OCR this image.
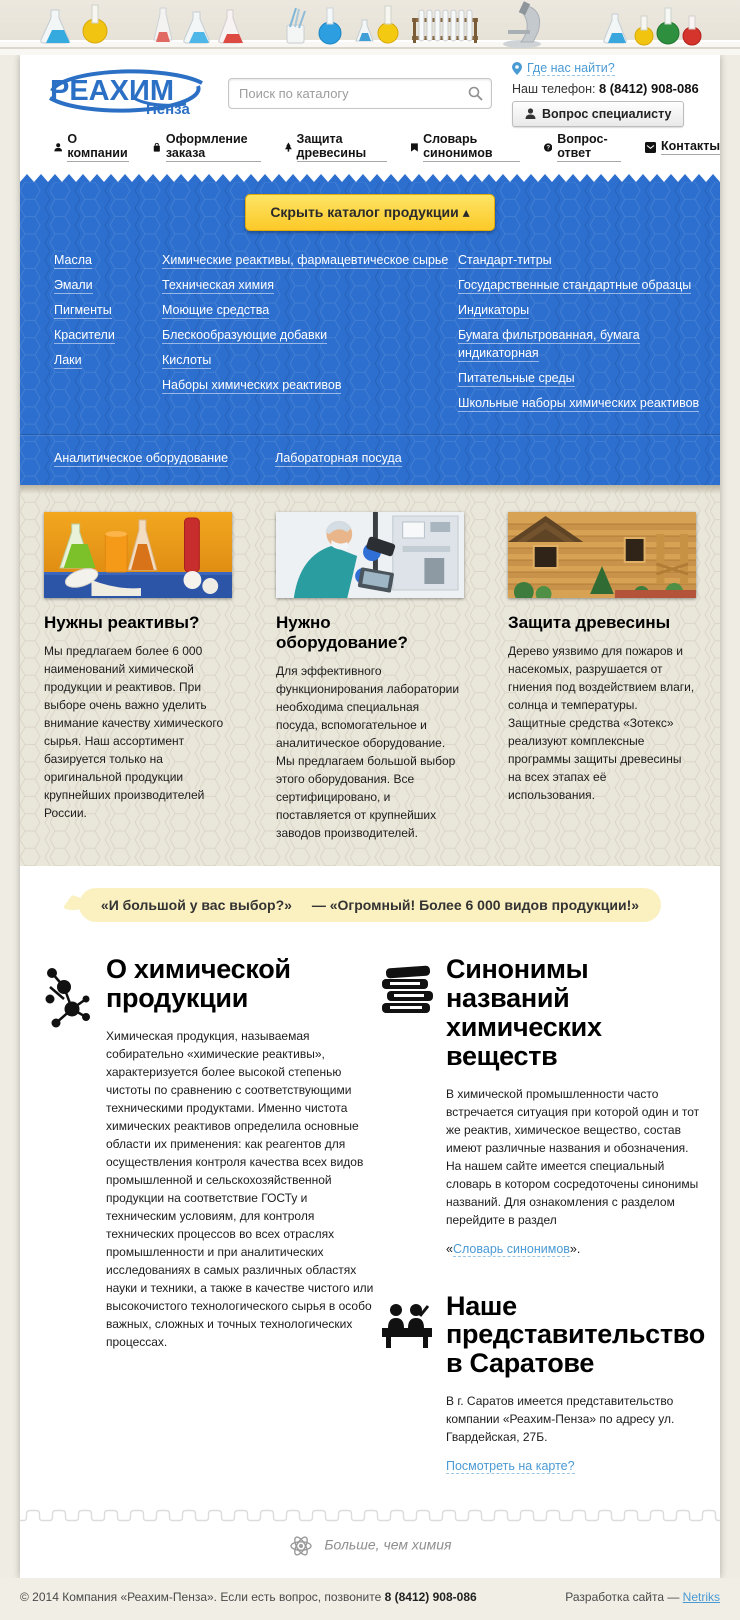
РЕАХИМ
Пенза
Поиск по каталогу
Где нас найти?
Наш телефон: 8 (8412) 908-086
Вопрос специалисту
О компании
Оформление заказа
Защита древесины
Словарь синонимов	?
Вопрос-ответ	Контакты
Скрыть каталог продукции ▴
Масла
Эмали
Пигменты
Красители
Лаки
Химические реактивы, фармацевтическое сырье
Техническая химия
Моющие средства
Блескообразующие добавки
Кислоты
Наборы химических реактивов
Стандарт-титры
Государственные стандартные образцы
Индикаторы
Бумага фильтрованная, бумага индикаторная
Питательные среды
Школьные наборы химических реактивов
Аналитическое оборудование	Лабораторная посуда
Нужны реактивы?

Мы предлагаем более 6 000 наименований химической продукции и реактивов. При выборе очень важно уделить внимание качеству химического сырья. Наш ассортимент базируется только на оригинальной продукции крупнейших производителей России.

Нужно оборудование?

Для эффективного функционирования лаборатории необходима специальная посуда, вспомогательное и аналитическое оборудование. Мы предлагаем большой выбор этого оборудования. Все сертифицировано, и поставляется от крупнейших заводов производителей.

Защита древесины

Дерево уязвимо для пожаров и насекомых, разрушается от гниения под воздействием влаги, солнца и температуры. Защитные средства «Зотекс» реализуют комплексные программы защиты древесины на всех этапах её использования.

«И большой у вас выбор?» — «Огромный! Более 6 000 видов продукции!»
О химической продукции

Химическая продукция, называемая собирательно «химические реактивы», характеризуется более высокой степенью чистоты по сравнению с соответствующими техническими продуктами. Именно чистота химических реактивов определила основные области их применения: как реагентов для осуществления контроля качества всех видов промышленной и сельскохозяйственной продукции на соответствие ГОСТу и техническим условиям, для контроля технических процессов во всех отраслях промышленности и при аналитических исследованиях в самых различных областях науки и техники, а также в качестве чистого или высокочистого технологического сырья в особо важных, сложных и точных технологических процессах.

Синонимы названий химических веществ

В химической промышленности часто встречается ситуация при которой один и тот же реактив, химическое вещество, состав имеют различные названия и обозначения. На нашем сайте имеется специальный словарь в котором сосредоточены синонимы названий. Для ознакомления с разделом перейдите в раздел

«Словарь синонимов».
Наше представительство в Саратове

В г. Саратов имеется представительство компании «Реахим-Пенза» по адресу ул. Гвардейская, 27Б.

Посмотреть на карте?
Больше, чем химия
© 2014 Компания «Реахим-Пенза». Если есть вопрос, позвоните 8 (8412) 908-086	Разработка сайта — Netriks
